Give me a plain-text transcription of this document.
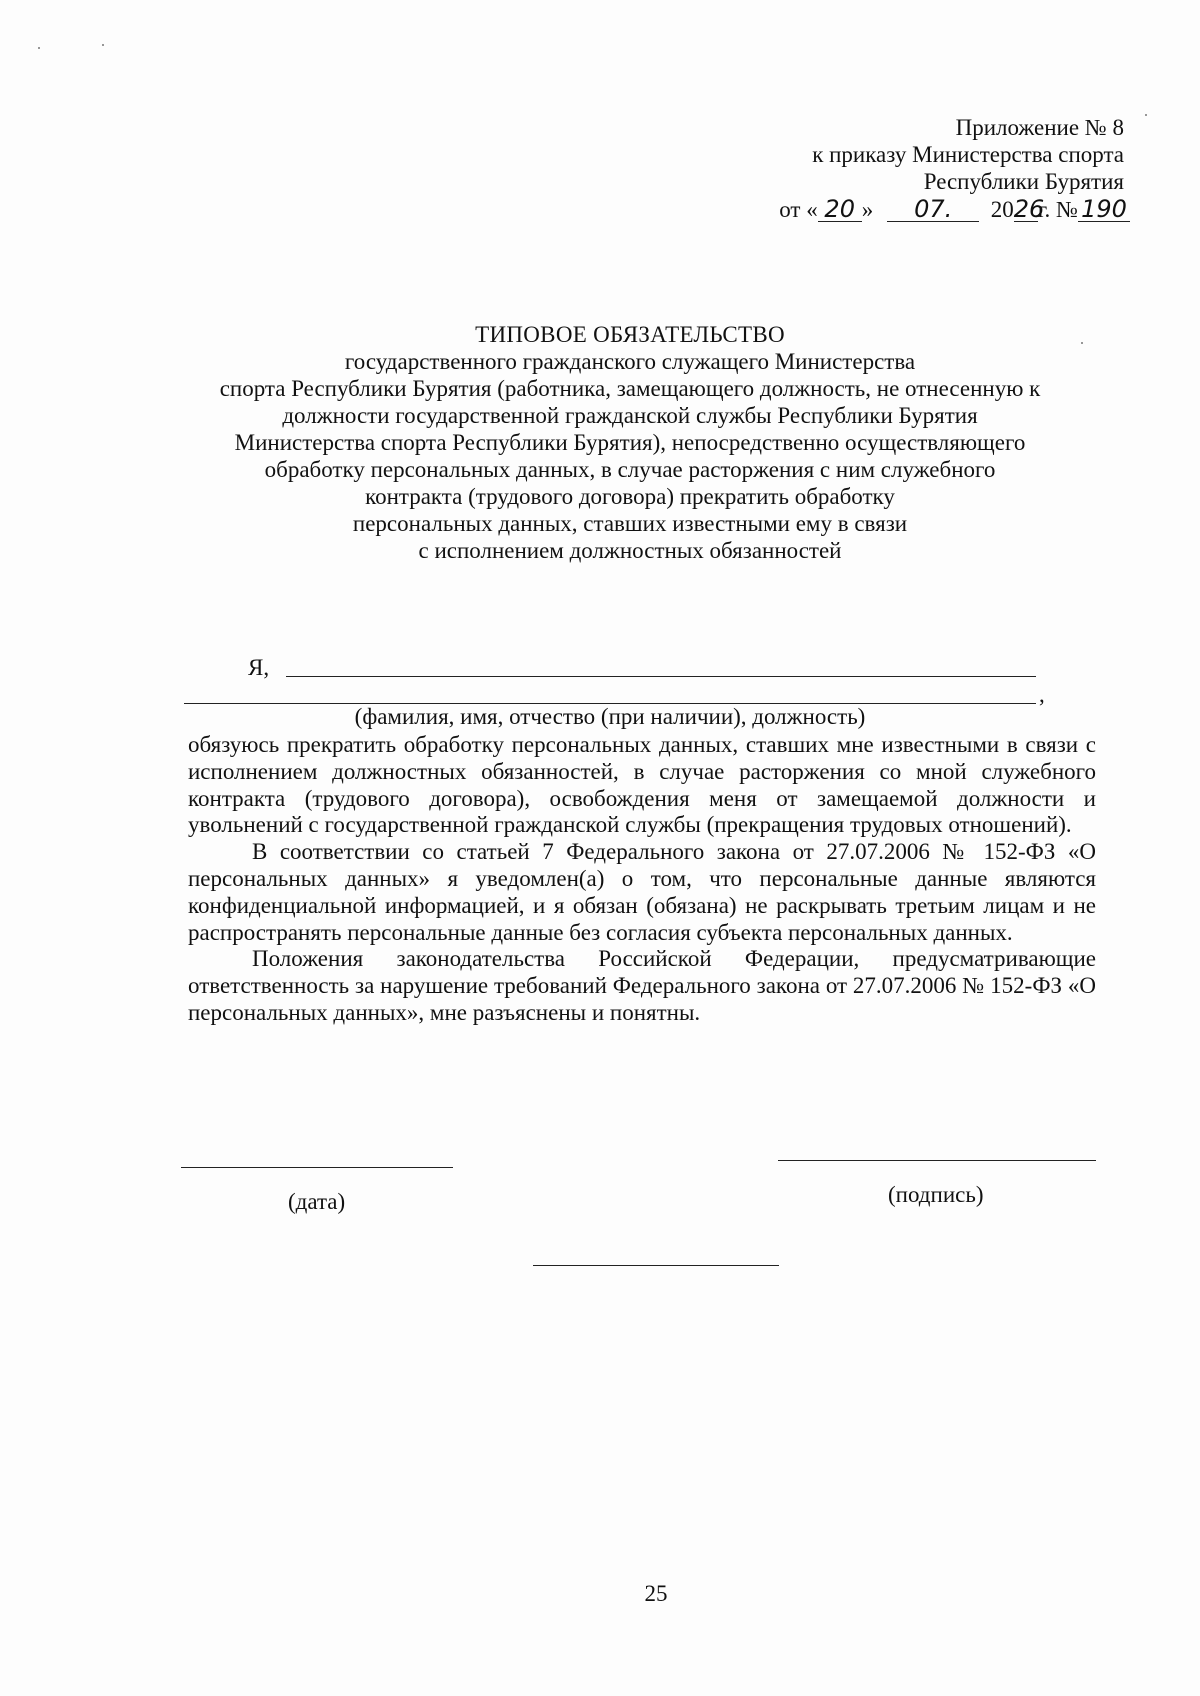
Приложение № 8
к приказу Министерства спорта
Республики Бурятия
от « 20 » 07. 2026г. № 190
ТИПОВОЕ ОБЯЗАТЕЛЬСТВО
государственного гражданского служащего Министерства
спорта Республики Бурятия (работника, замещающего должность, не отнесенную к
должности государственной гражданской службы Республики Бурятия
Министерства спорта Республики Бурятия), непосредственно осуществляющего
обработку персональных данных, в случае расторжения с ним служебного
контракта (трудового договора) прекратить обработку
персональных данных, ставших известными ему в связи
с исполнением должностных обязанностей
Я,
,
(фамилия, имя, отчество (при наличии), должность)

обязуюсь прекратить обработку персональных данных, ставших мне известными в связи с исполнением должностных обязанностей, в случае расторжения со мной служебного контракта (трудового договора), освобождения меня от замещаемой должности и увольнений с государственной гражданской службы (прекращения трудовых отношений).

В соответствии со статьей 7 Федерального закона от 27.07.2006 № 152-ФЗ «О персональных данных» я уведомлен(а) о том, что персональные данные являются конфиденциальной информацией, и я обязан (обязана) не раскрывать третьим лицам и не распространять персональные данные без согласия субъекта персональных данных.

Положения законодательства Российской Федерации, предусматривающие ответственность за нарушение требований Федерального закона от 27.07.2006 № 152-ФЗ «О персональных данных», мне разъяснены и понятны.

(дата)	(подпись)
25
